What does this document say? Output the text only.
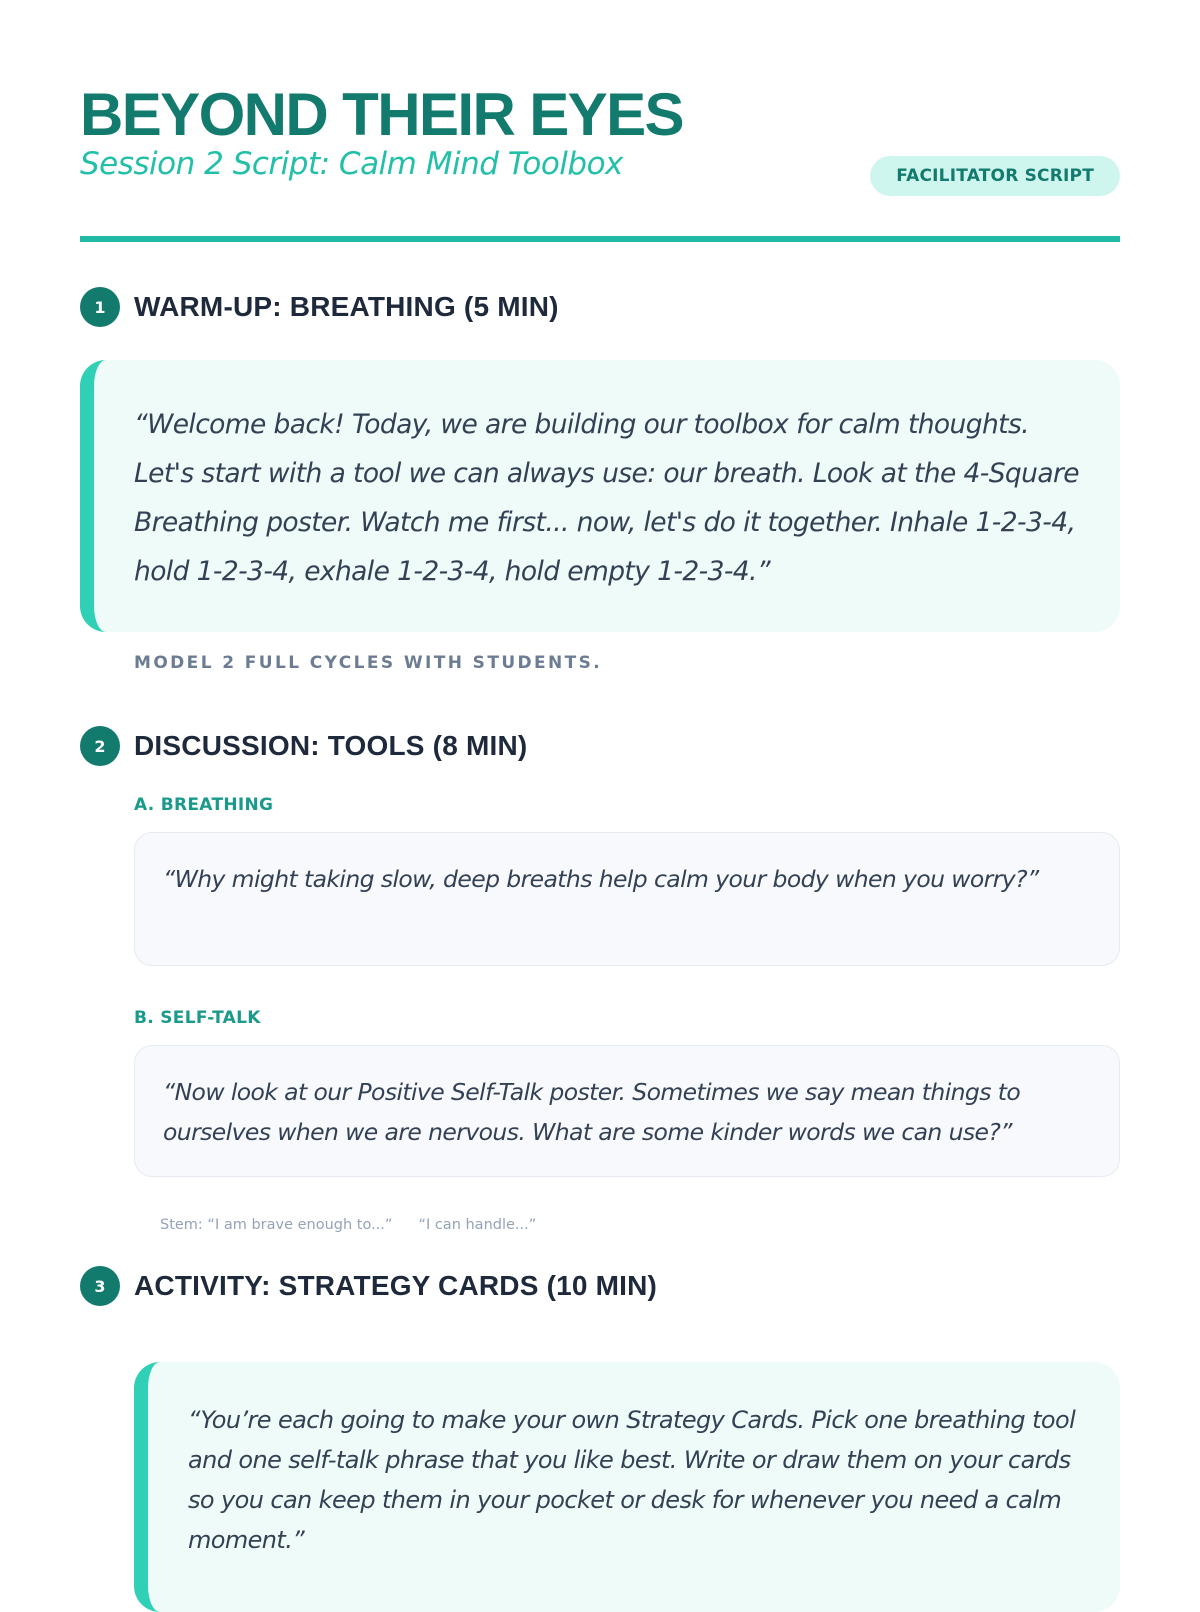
BEYOND THEIR EYES

Session 2 Script: Calm Mind Toolbox	FACILITATOR SCRIPT
1	WARM-UP: BREATHING (5 MIN)

“Welcome back! Today, we are building our toolbox for calm thoughts. Let's start with a tool we can always use: our breath. Look at the 4-Square Breathing poster. Watch me first... now, let's do it together. Inhale 1-2-3-4, hold 1-2-3-4, exhale 1-2-3-4, hold empty 1-2-3-4.”

MODEL 2 FULL CYCLES WITH STUDENTS.

2	DISCUSSION: TOOLS (8 MIN)

A. BREATHING

“Why might taking slow, deep breaths help calm your body when you worry?”

B. SELF-TALK

“Now look at our Positive Self-Talk poster. Sometimes we say mean things to ourselves when we are nervous. What are some kinder words we can use?”

Stem: “I am brave enough to...” “I can handle...”
3	ACTIVITY: STRATEGY CARDS (10 MIN)

“You’re each going to make your own Strategy Cards. Pick one breathing tool and one self-talk phrase that you like best. Write or draw them on your cards so you can keep them in your pocket or desk for whenever you need a calm moment.”
